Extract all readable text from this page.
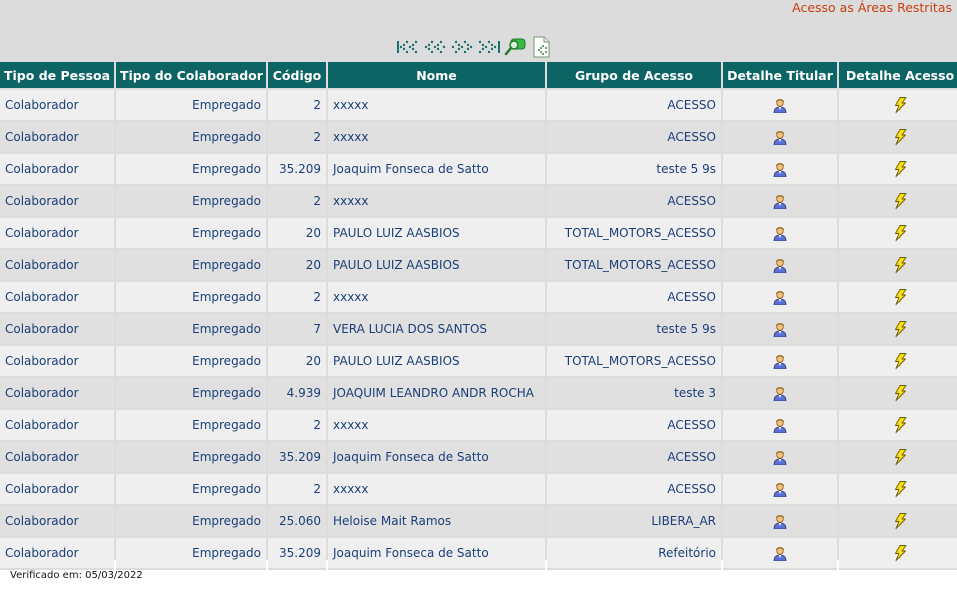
Acesso as Áreas Restritas
Tipo de Pessoa	Tipo do Colaborador	Código	Nome	Grupo de Acesso	Detalhe Titular	Detalhe Acesso
Colaborador	Empregado	2	xxxxx	ACESSO	

Colaborador	Empregado	2	xxxxx	ACESSO	

Colaborador	Empregado	35.209	Joaquim Fonseca de Satto	teste 5 9s	

Colaborador	Empregado	2	xxxxx	ACESSO	

Colaborador	Empregado	20	PAULO LUIZ AASBIOS	TOTAL_MOTORS_ACESSO	

Colaborador	Empregado	20	PAULO LUIZ AASBIOS	TOTAL_MOTORS_ACESSO	

Colaborador	Empregado	2	xxxxx	ACESSO	

Colaborador	Empregado	7	VERA LUCIA DOS SANTOS	teste 5 9s	

Colaborador	Empregado	20	PAULO LUIZ AASBIOS	TOTAL_MOTORS_ACESSO	

Colaborador	Empregado	4.939	JOAQUIM LEANDRO ANDR ROCHA	teste 3	

Colaborador	Empregado	2	xxxxx	ACESSO	

Colaborador	Empregado	35.209	Joaquim Fonseca de Satto	ACESSO	

Colaborador	Empregado	2	xxxxx	ACESSO	

Colaborador	Empregado	25.060	Heloise Mait Ramos	LIBERA_AR	

Colaborador	Empregado	35.209	Joaquim Fonseca de Satto	Refeitório	

Verificado em: 05/03/2022
